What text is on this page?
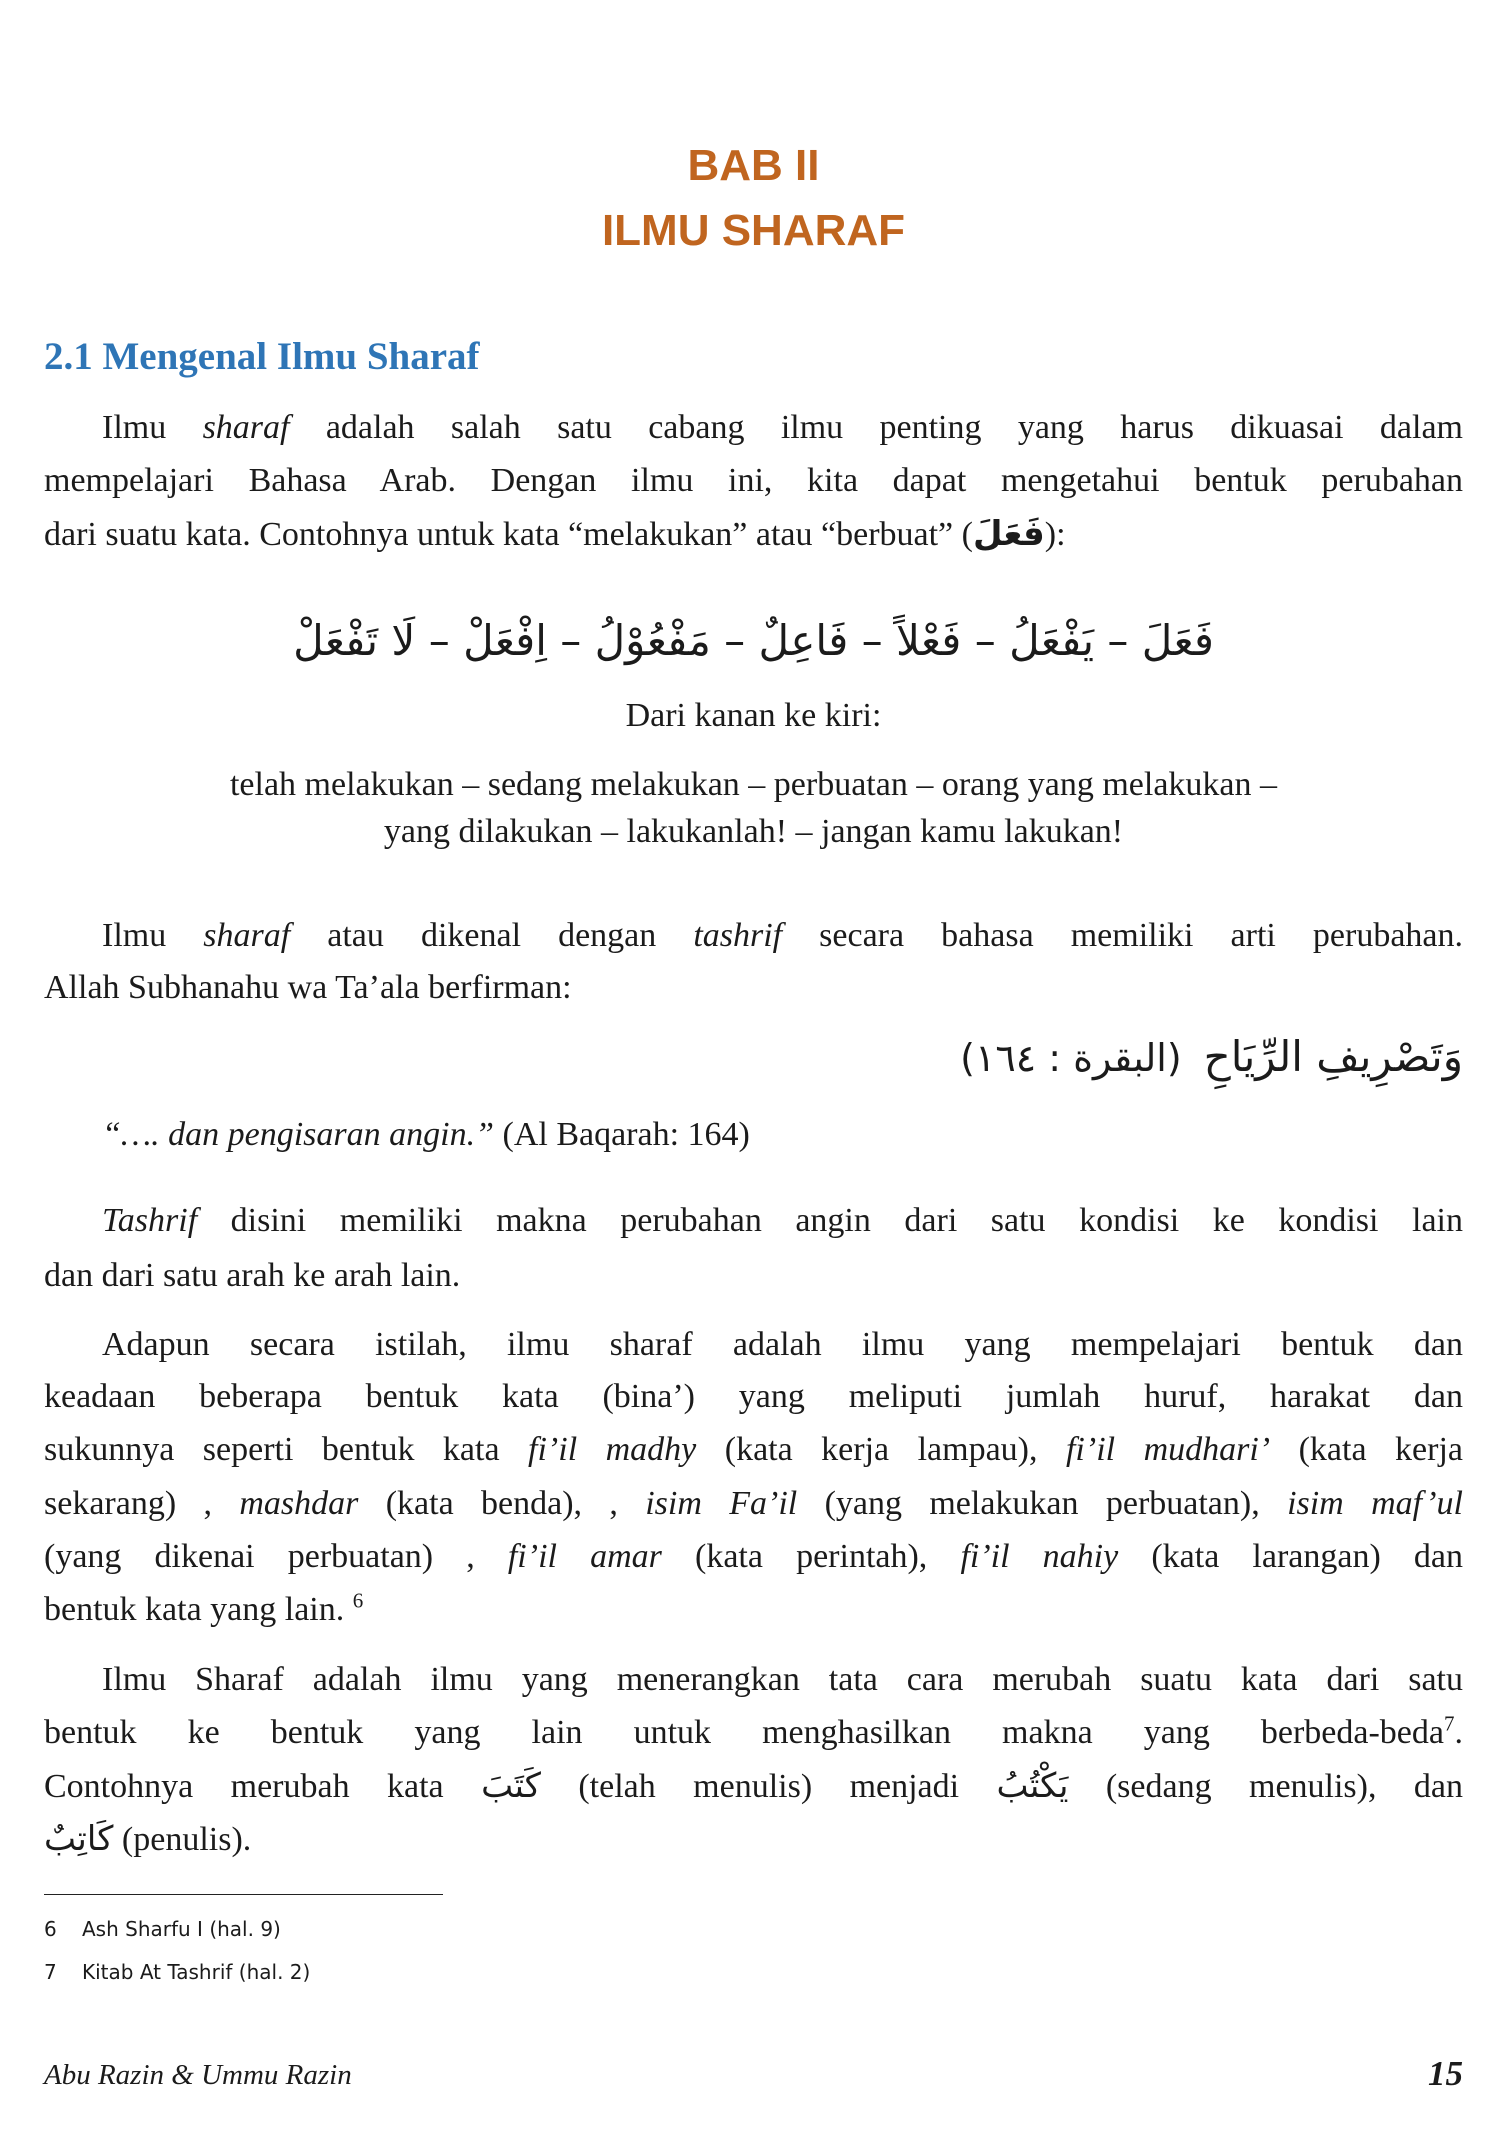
BAB II
ILMU SHARAF
2.1 Mengenal Ilmu Sharaf
Ilmu sharaf adalah salah satu cabang ilmu penting yang harus dikuasai dalam
mempelajari Bahasa Arab. Dengan ilmu ini, kita dapat mengetahui bentuk perubahan
dari suatu kata. Contohnya untuk kata “melakukan” atau “berbuat” (فَعَلَ):
فَعَلَ – يَفْعَلُ – فَعْلاً – فَاعِلٌ – مَفْعُوْلُ – اِفْعَلْ – لَا تَفْعَلْ
Dari kanan ke kiri:
telah melakukan – sedang melakukan – perbuatan – orang yang melakukan –
yang dilakukan – lakukanlah! – jangan kamu lakukan!
Ilmu sharaf atau dikenal dengan tashrif secara bahasa memiliki arti perubahan.
Allah Subhanahu wa Ta’ala berfirman:
وَتَصْرِيفِ الرِّيَاحِ(البقرة : ١٦٤)
“…. dan pengisaran angin.” (Al Baqarah: 164)
Tashrif disini memiliki makna perubahan angin dari satu kondisi ke kondisi lain
dan dari satu arah ke arah lain.
Adapun secara istilah, ilmu sharaf adalah ilmu yang mempelajari bentuk dan
keadaan beberapa bentuk kata (bina’) yang meliputi jumlah huruf, harakat dan
sukunnya seperti bentuk kata fi’il madhy (kata kerja lampau), fi’il mudhari’ (kata kerja
sekarang) , mashdar (kata benda), , isim Fa’il (yang melakukan perbuatan), isim maf’ul
(yang dikenai perbuatan) , fi’il amar (kata perintah), fi’il nahiy (kata larangan) dan
bentuk kata yang lain. $^6$
Ilmu Sharaf adalah ilmu yang menerangkan tata cara merubah suatu kata dari satu
bentuk ke bentuk yang lain untuk menghasilkan makna yang berbeda-beda$^7$.
Contohnya merubah kata كَتَبَ (telah menulis) menjadi يَكْتُبُ (sedang menulis), dan
كَاتِبٌ (penulis).
6 Ash Sharfu I (hal. 9)
7 Kitab At Tashrif (hal. 2)
Abu Razin & Ummu Razin	15
